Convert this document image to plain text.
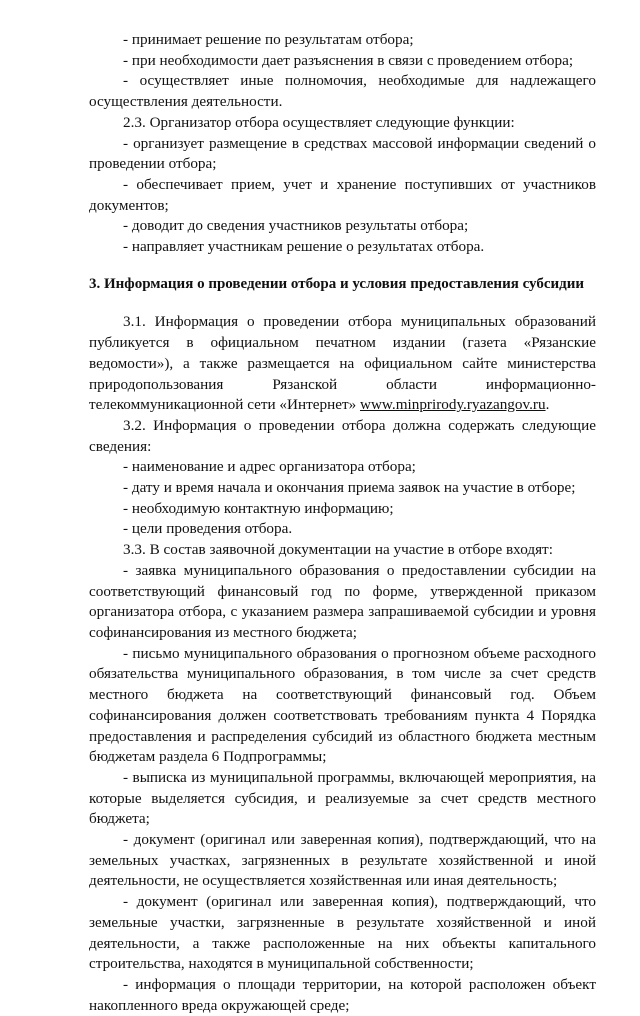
- принимает решение по результатам отбора;

- при необходимости дает разъяснения в связи с проведением отбора;

- осуществляет иные полномочия, необходимые для надлежащего осуществления деятельности.

2.3. Организатор отбора осуществляет следующие функции:

- организует размещение в средствах массовой информации сведений о проведении отбора;

- обеспечивает прием, учет и хранение поступивших от участников документов;

- доводит до сведения участников результаты отбора;

- направляет участникам решение о результатах отбора.

3. Информация о проведении отбора и условия предоставления субсидии

3.1. Информация о проведении отбора муниципальных образований публикуется в официальном печатном издании (газета «Рязанские ведомости»), а также размещается на официальном сайте министерства природопользования Рязанской области информационно-телекоммуникационной сети «Интернет» www.minprirody.ryazangov.ru.

3.2. Информация о проведении отбора должна содержать следующие сведения:

- наименование и адрес организатора отбора;

- дату и время начала и окончания приема заявок на участие в отборе;

- необходимую контактную информацию;

- цели проведения отбора.

3.3. В состав заявочной документации на участие в отборе входят:

- заявка муниципального образования о предоставлении субсидии на соответствующий финансовый год по форме, утвержденной приказом организатора отбора, с указанием размера запрашиваемой субсидии и уровня софинансирования из местного бюджета;

- письмо муниципального образования о прогнозном объеме расходного обязательства муниципального образования, в том числе за счет средств местного бюджета на соответствующий финансовый год. Объем софинансирования должен соответствовать требованиям пункта 4 Порядка предоставления и распределения субсидий из областного бюджета местным бюджетам раздела 6 Подпрограммы;

- выписка из муниципальной программы, включающей мероприятия, на которые выделяется субсидия, и реализуемые за счет средств местного бюджета;

- документ (оригинал или заверенная копия), подтверждающий, что на земельных участках, загрязненных в результате хозяйственной и иной деятельности, не осуществляется хозяйственная или иная деятельность;

- документ (оригинал или заверенная копия), подтверждающий, что земельные участки, загрязненные в результате хозяйственной и иной деятельности, а также расположенные на них объекты капитального строительства, находятся в муниципальной собственности;

- информация о площади территории, на которой расположен объект накопленного вреда окружающей среде;
